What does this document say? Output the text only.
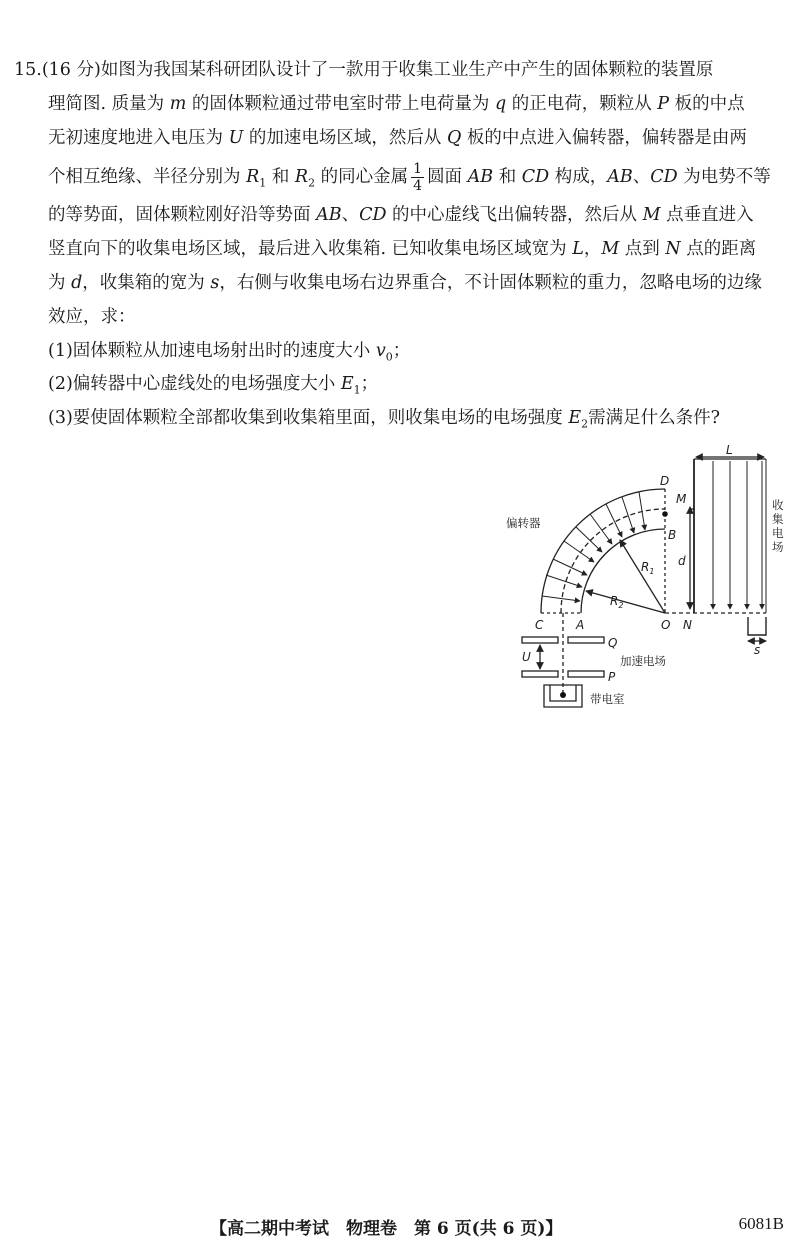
15.(16 分)如图为我国某科研团队设计了一款用于收集工业生产中产生的固体颗粒的装置原
理简图. 质量为 m 的固体颗粒通过带电室时带上电荷量为 q 的正电荷，颗粒从 P 板的中点
无初速度地进入电压为 U 的加速电场区域，然后从 Q 板的中点进入偏转器，偏转器是由两
个相互绝缘、半径分别为 $R_1$ 和 $R_2$ 的同心金属 $\frac{1}{4}$ 圆面 AB 和 CD 构成，AB、CD 为电势不等
的等势面，固体颗粒刚好沿等势面 AB、CD 的中心虚线飞出偏转器，然后从 M 点垂直进入
竖直向下的收集电场区域，最后进入收集箱. 已知收集电场区域宽为 L，M 点到 N 点的距离
为 d，收集箱的宽为 s，右侧与收集电场右边界重合，不计固体颗粒的重力，忽略电场的边缘
效应，求：
(1)固体颗粒从加速电场射出时的速度大小 $v_0$；
(2)偏转器中心虚线处的电场强度大小 $E_1$；
(3)要使固体颗粒全部都收集到收集箱里面，则收集电场的电场强度 $E_2$需满足什么条件?
D
M
B
d
$R_1$
$R_2$
O N
C	A
Q
P
U
L
s
偏转器
加速电场
带电室
收
集
电
场
【高二期中考试　物理卷　第 6 页(共 6 页)】	6081B
